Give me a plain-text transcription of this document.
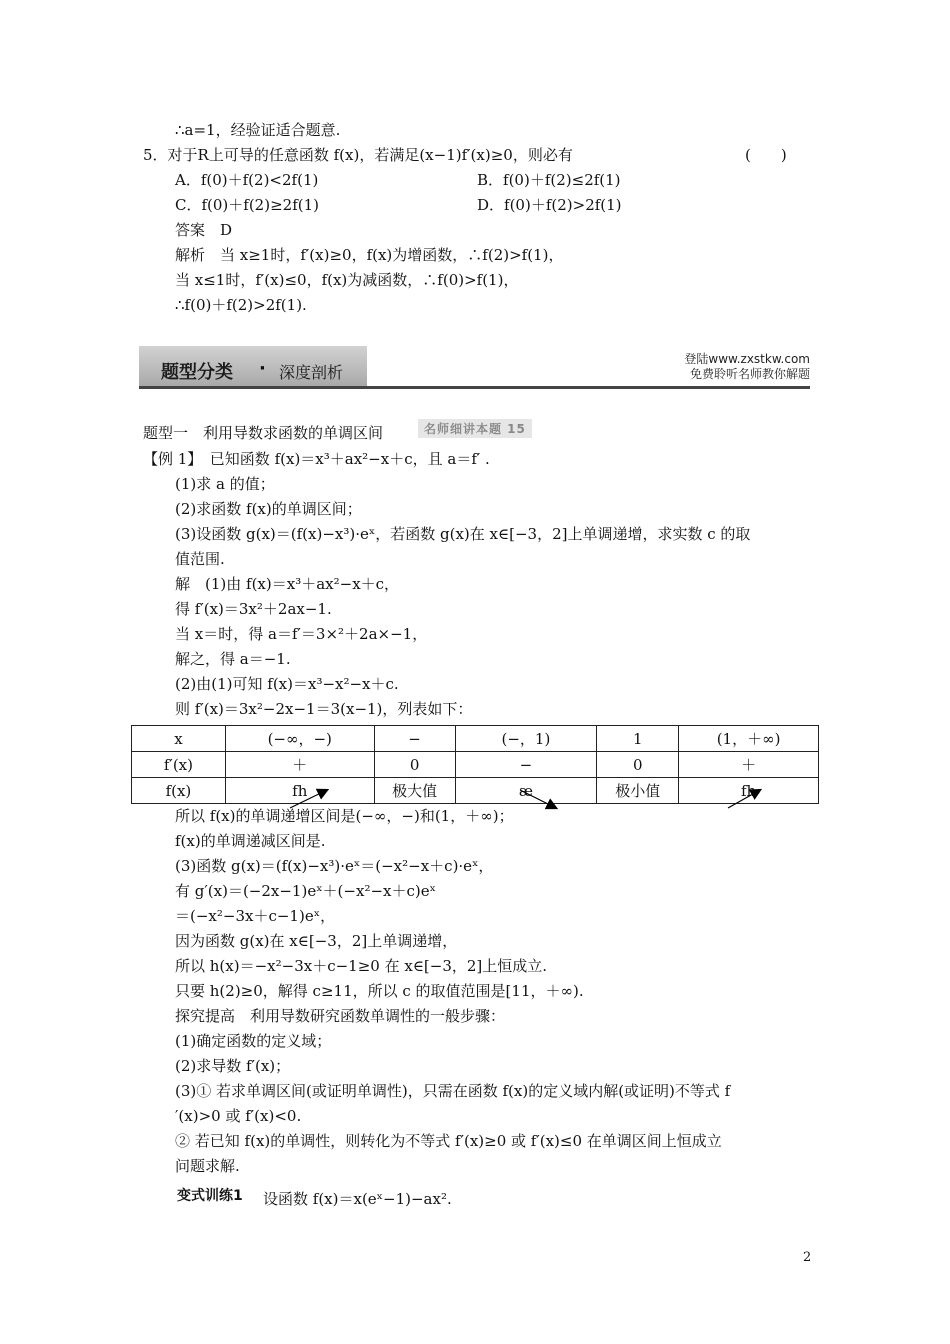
∴a=1，经验证适合题意.
5．对于R上可导的任意函数 f(x)，若满足(x−1)f′(x)≥0，则必有	(　　)
A．f(0)＋f(2)<2f(1)	B．f(0)＋f(2)≤2f(1)
C．f(0)＋f(2)≥2f(1)	D．f(0)＋f(2)>2f(1)
答案　D
解析　当 x≥1时，f′(x)≥0，f(x)为增函数，∴f(2)>f(1)，
当 x≤1时，f′(x)≤0，f(x)为减函数，∴f(0)>f(1)，
∴f(0)＋f(2)>2f(1).
题型分类 · 深度剖析
登陆www.zxstkw.com
免费聆听名师教你解题
题型一　利用导数求函数的单调区间	名师细讲本题 15
【例 1】　已知函数 f(x)＝x³＋ax²−x＋c，且 a＝f′ .
(1)求 a 的值；
(2)求函数 f(x)的单调区间；
(3)设函数 g(x)＝(f(x)−x³)·eˣ，若函数 g(x)在 x∈[−3，2]上单调递增，求实数 c 的取
值范围.
解　(1)由 f(x)＝x³＋ax²−x＋c，
得 f′(x)＝3x²＋2ax−1.
当 x＝时，得 a＝f′＝3×²＋2a×−1，
解之，得 a＝−1.
(2)由(1)可知 f(x)＝x³−x²−x＋c.
则 f′(x)＝3x²−2x−1＝3(x−1)，列表如下：
x	(−∞，−)	−	(−，1)	1	(1，＋∞)
f′(x)	＋	0	−	0	＋
f(x)	fh	极大值	æ	极小值	fh
所以 f(x)的单调递增区间是(−∞，−)和(1，＋∞)；
f(x)的单调递减区间是.
(3)函数 g(x)＝(f(x)−x³)·eˣ＝(−x²−x＋c)·eˣ，
有 g′(x)＝(−2x−1)eˣ＋(−x²−x＋c)eˣ
＝(−x²−3x＋c−1)eˣ，
因为函数 g(x)在 x∈[−3，2]上单调递增，
所以 h(x)＝−x²−3x＋c−1≥0 在 x∈[−3，2]上恒成立.
只要 h(2)≥0，解得 c≥11，所以 c 的取值范围是[11，＋∞).
探究提高　利用导数研究函数单调性的一般步骤：
(1)确定函数的定义域；
(2)求导数 f′(x)；
(3)① 若求单调区间(或证明单调性)，只需在函数 f(x)的定义域内解(或证明)不等式 f
′(x)>0 或 f′(x)<0.
② 若已知 f(x)的单调性，则转化为不等式 f′(x)≥0 或 f′(x)≤0 在单调区间上恒成立
问题求解.
变式训练1 设函数 f(x)＝x(eˣ−1)−ax².
2
